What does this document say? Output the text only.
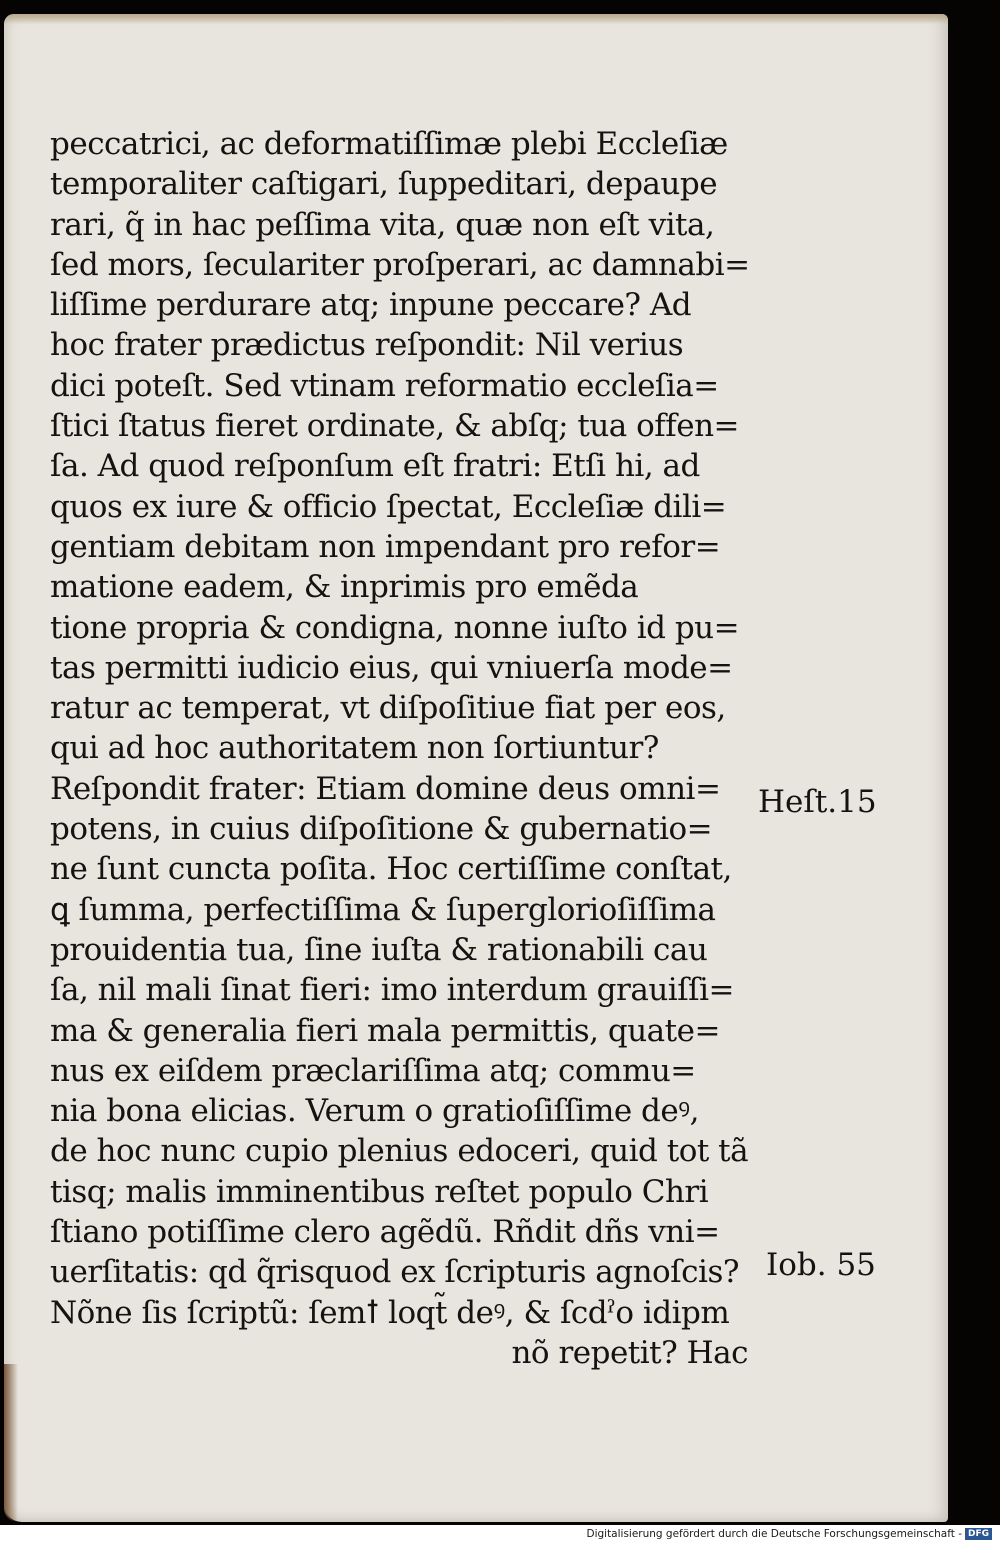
peccatrici, ac deformatiſſimæ plebi Eccleſiæ
temporaliter caſtigari, ſuppeditari, depaupe
rari, q̃ in hac peſſima vita, quæ non eſt vita,
ſed mors, ſeculariter proſperari, ac damnabi=
liſſime perdurare atq; inpune peccare? Ad
hoc frater prædictus reſpondit: Nil verius
dici poteſt. Sed vtinam reformatio eccleſia=
ſtici ſtatus fieret ordinate, & abſq; tua offen=
ſa. Ad quod reſponſum eſt fratri: Etſi hi, ad
quos ex iure & officio ſpectat, Eccleſiæ dili=
gentiam debitam non impendant pro refor=
matione eadem, & inprimis pro emẽda
tione propria & condigna, nonne iuſto id pu=
tas permitti iudicio eius, qui vniuerſa mode=
ratur ac temperat, vt diſpoſitiue fiat per eos,
qui ad hoc authoritatem non ſortiuntur?
Reſpondit frater: Etiam domine deus omni=
potens, in cuius diſpoſitione & gubernatio=
ne ſunt cuncta poſita. Hoc certiſſime conſtat,
ꝗ ſumma, perfectiſſima & ſuperglorioſiſſima
prouidentia tua, ſine iuſta & rationabili cau
ſa, nil mali ſinat fieri: imo interdum grauiſſi=
ma & generalia fieri mala permittis, quate=
nus ex eiſdem præclariſſima atq; commu=
nia bona elicias. Verum o gratioſiſſime deꝰ,
de hoc nunc cupio plenius edoceri, quid tot tã
tisq; malis imminentibus reſtet populo Chri
ſtiano potiſſime clero agẽdũ. Rñdit dñs vni=
uerſitatis: qd q̃risquod ex ſcripturis agnoſcis?
Nõne ſis ſcriptũ: ſemꝉ loqt̃ deꝰ, & ſcdˀo idipm
nõ repetit? Hac
Heſt.15
Iob. 55
Digitalisierung gefördert durch die Deutsche Forschungsgemeinschaft - DFG
